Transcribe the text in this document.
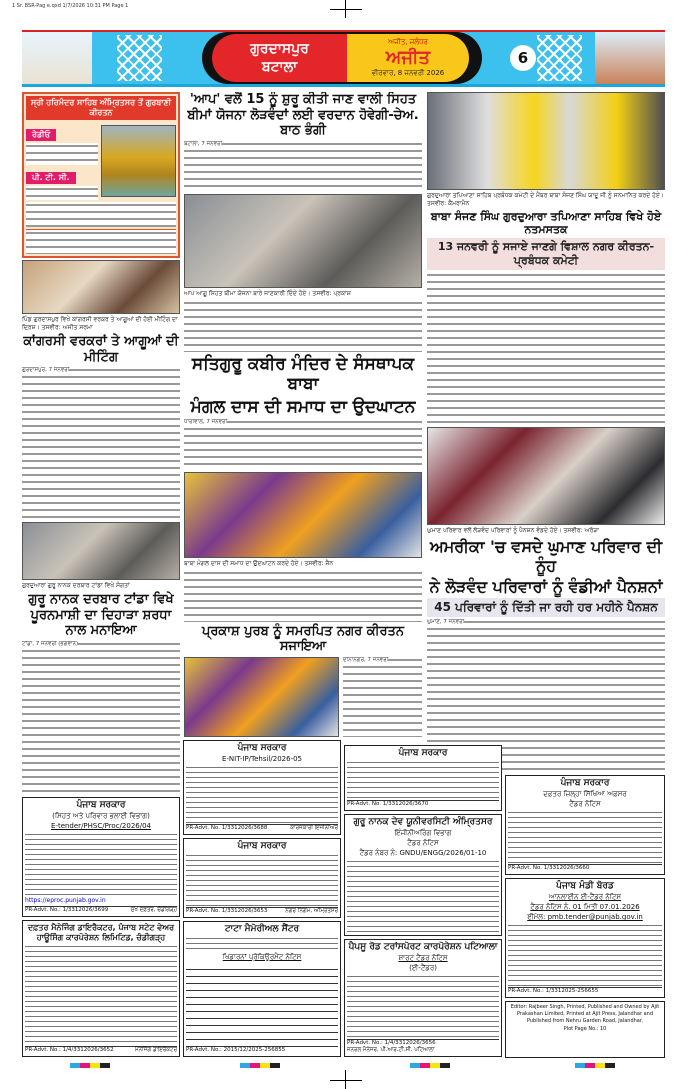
1 Sr. BSR-Pag e.qxd 1/7/2026 10:31 PM Page 1
ਗੁਰਦਾਸਪੁਰ
ਬਟਾਲਾ
ਅਜੀਤ, ਜਲੰਧਰ
ਅਜੀਤ
ਵੀਰਵਾਰ, 8 ਜਨਵਰੀ 2026
6
ਸ੍ਰੀ ਹਰਿਮੰਦਰ ਸਾਹਿਬ ਅੰਮ੍ਰਿਤਸਰ ਤੋਂ ਗੁਰਬਾਣੀ ਕੀਰਤਨ
ਰੇਡੀਓ
ਪੀ. ਟੀ. ਸੀ.
ਪਿੰਡ ਗੁਰਦਾਸਪੁਰ ਵਿਖੇ ਕਾਂਗਰਸੀ ਵਰਕਰ ਤੇ ਆਗੂਆਂ ਦੀ ਹੋਈ ਮੀਟਿੰਗ ਦਾ ਦ੍ਰਿਸ਼। ਤਸਵੀਰ: ਅਜੀਤ ਸਰਮਾ
ਕਾਂਗਰਸੀ ਵਰਕਰਾਂ ਤੇ ਆਗੂਆਂ ਦੀ ਮੀਟਿੰਗ
ਗੁਰਦਾਸਪੁਰ, 7 ਜਨਵਰੀ
ਗੁਰਦੁਆਰਾ ਗੁਰੂ ਨਾਨਕ ਦਰਬਾਰ ਟਾਂਡਾ ਵਿਖੇ ਸੰਗਤਾਂ
ਗੁਰੂ ਨਾਨਕ ਦਰਬਾਰ ਟਾਂਡਾ ਵਿਖੇ ਪੂਰਨਮਾਸ਼ੀ ਦਾ ਦਿਹਾੜਾ ਸ਼ਰਧਾ ਨਾਲ ਮਨਾਇਆ
ਟਾਂਡਾ, 7 ਜਨਵਰੀ (ਭਗਵਾਨ)
'ਆਪ' ਵਲੋਂ 15 ਨੂੰ ਸ਼ੁਰੂ ਕੀਤੀ ਜਾਣ ਵਾਲੀ ਸਿਹਤ ਬੀਮਾਂ ਯੋਜਨਾ ਲੋੜਵੰਦਾਂ ਲਈ ਵਰਦਾਨ ਹੋਵੇਗੀ-ਚੇਅ. ਬਾਠ ਭੰਗੀ
ਬਟਾਲਾ, 7 ਜਨਵਰੀ
ਆਪ ਆਗੂ ਸਿਹਤ ਬੀਮਾ ਯੋਜਨਾ ਬਾਰੇ ਜਾਣਕਾਰੀ ਦਿੰਦੇ ਹੋਏ। ਤਸਵੀਰ: ਪ੍ਰਕਾਸ਼
ਸਤਿਗੁਰੂ ਕਬੀਰ ਮੰਦਿਰ ਦੇ ਸੰਸਥਾਪਕ ਬਾਬਾ
ਮੰਗਲ ਦਾਸ ਦੀ ਸਮਾਧ ਦਾ ਉਦਘਾਟਨ
ਧਾਰੀਵਾਲ, 7 ਜਨਵਰੀ
ਬਾਬਾ ਮੰਗਲ ਦਾਸ ਦੀ ਸਮਾਧ ਦਾ ਉਦਘਾਟਨ ਕਰਦੇ ਹੋਏ। ਤਸਵੀਰ: ਜੈਨ
ਪ੍ਰਕਾਸ਼ ਪੁਰਬ ਨੂੰ ਸਮਰਪਿਤ ਨਗਰ ਕੀਰਤਨ ਸਜਾਇਆ
ਦੀਨਾਨਗਰ, 7 ਜਨਵਰੀ
ਗੁਰਦੁਆਰਾ ਤਪਿਆਣਾ ਸਾਹਿਬ ਪ੍ਰਬੰਧਕ ਕਮੇਟੀ ਦੇ ਮੈਂਬਰ ਬਾਬਾ ਸੰਜਣ ਸਿੰਘ ਯਾਦੂ ਜੀ ਨੂੰ ਸਨਮਾਨਿਤ ਕਰਦੇ ਹੋਏ। ਤਸਵੀਰ: ਕੈਮਰਾਮੈਨ
ਬਾਬਾ ਸੰਜਣ ਸਿੰਘ ਗੁਰਦੁਆਰਾ ਤਪਿਆਣਾ ਸਾਹਿਬ ਵਿਖੇ ਹੋਏ ਨਤਮਸਤਕ
13 ਜਨਵਰੀ ਨੂੰ ਸਜਾਏ ਜਾਣਗੇ ਵਿਸ਼ਾਲ ਨਗਰ ਕੀਰਤਨ-ਪ੍ਰਬੰਧਕ ਕਮੇਟੀ
ਘੁਮਾਣ ਪਰਿਵਾਰ ਵਲੋਂ ਲੋੜਵੰਦ ਪਰਿਵਾਰਾਂ ਨੂੰ ਪੈਨਸ਼ਨ ਵੰਡਦੇ ਹੋਏ। ਤਸਵੀਰ: ਅਰੋੜਾ
ਅਮਰੀਕਾ 'ਚ ਵਸਦੇ ਘੁਮਾਣ ਪਰਿਵਾਰ ਦੀ ਨੂੰਹ
ਨੇ ਲੋੜਵੰਦ ਪਰਿਵਾਰਾਂ ਨੂੰ ਵੰਡੀਆਂ ਪੈਨਸ਼ਨਾਂ
45 ਪਰਿਵਾਰਾਂ ਨੂੰ ਦਿੱਤੀ ਜਾ ਰਹੀ ਹਰ ਮਹੀਨੇ ਪੈਨਸ਼ਨ
ਘੁਮਾਣ, 7 ਜਨਵਰੀ
ਪੰਜਾਬ ਸਰਕਾਰ
(ਸਿਹਤ ਅਤੇ ਪਰਿਵਾਰ ਭਲਾਈ ਵਿਭਾਗ)
E-tender/PHSC/Proc/2026/04
https://eproc.punjab.gov.in
PR-Advt. No.: 1/3312026/3699	ਮੁੱਖ ਦਫ਼ਤਰ, ਚੰਡੀਗੜ੍ਹ
ਪੰਜਾਬ ਸਰਕਾਰ
E-NIT-IP/Tehsil/2026-05
PR-Advt. No. 1/3312026/3688	ਕਾਰਜਕਾਰੀ ਇੰਜੀਨੀਅਰ
ਪੰਜਾਬ ਸਰਕਾਰ
PR-Advt. No. 1/3312026/3653	ਨਗਰ ਨਿਗਮ, ਅੰਮ੍ਰਿਤਸਰ
ਪੰਜਾਬ ਸਰਕਾਰ
PR-Advt. No. 1/3312026/3670
ਗੁਰੂ ਨਾਨਕ ਦੇਵ ਯੂਨੀਵਰਸਿਟੀ ਅੰਮ੍ਰਿਤਸਰ
ਇੰਜੀਨੀਅਰਿੰਗ ਵਿਭਾਗ
ਟੈਂਡਰ ਨੋਟਿਸ
ਟੈਂਡਰ ਨੰਬਰ ਨੰ: GNDU/ENGG/2026/01-10
ਪੰਜਾਬ ਸਰਕਾਰ
ਦਫ਼ਤਰ ਜ਼ਿਲ੍ਹਾ ਸਿੱਖਿਆ ਅਫ਼ਸਰ
ਟੈਂਡਰ ਨੋਟਿਸ
PR-Advt. No. 1/3312026/3660
ਪੰਜਾਬ ਮੰਡੀ ਬੋਰਡ
ਆਨਲਾਈਨ ਈ-ਟੈਂਡਰ ਨੋਟਿਸ
ਟੈਂਡਰ ਨੋਟਿਸ ਨੰ. 01 ਮਿਤੀ 07.01.2026
ਈਮੇਲ: pmb.tender@punjab.gov.in
PR-Advt. No.: 1/3312025-256655
ਦਫ਼ਤਰ ਮੈਨੇਜਿੰਗ ਡਾਇਰੈਕਟਰ, ਪੰਜਾਬ ਸਟੇਟ ਵੇਅਰ ਹਾਊਸਿੰਗ ਕਾਰਪੋਰੇਸ਼ਨ ਲਿਮਿਟਿਡ, ਚੰਡੀਗੜ੍ਹ
PR-Advt. No.: 1/4/3312026/3652	ਮੈਨੇਜਿੰਗ ਡਾਇਰੈਕਟਰ
ਟਾਟਾ ਮੈਮੋਰੀਅਲ ਸੈਂਟਰ
ਖਿਡਾਰਨਾਂ ਪ੍ਰੋਕਿਊਰਮੈਂਟ ਨੋਟਿਸ
PR-Advt. No.: 2015/12/2025-256855
ਪੈਪਸੂ ਰੋਡ ਟਰਾਂਸਪੋਰਟ ਕਾਰਪੋਰੇਸ਼ਨ ਪਟਿਆਲਾ
ਸ਼ਾਰਟ ਟੈਂਡਰ ਨੋਟਿਸ
(ਈ-ਟੈਂਡਰ)
PR-Advt. No.: 1/4/3312026/3656
ਜਨਰਲ ਮੈਨੇਜਰ, ਪੀ.ਆਰ.ਟੀ.ਸੀ. ਪਟਿਆਲਾ
Editor: Rajbeer Singh, Printed, Published and Owned by Ajit Prakashan Limited, Printed at Ajit Press, Jalandhar and Published from Nehru Garden Road, Jalandhar.
Plot Page No.: 10
